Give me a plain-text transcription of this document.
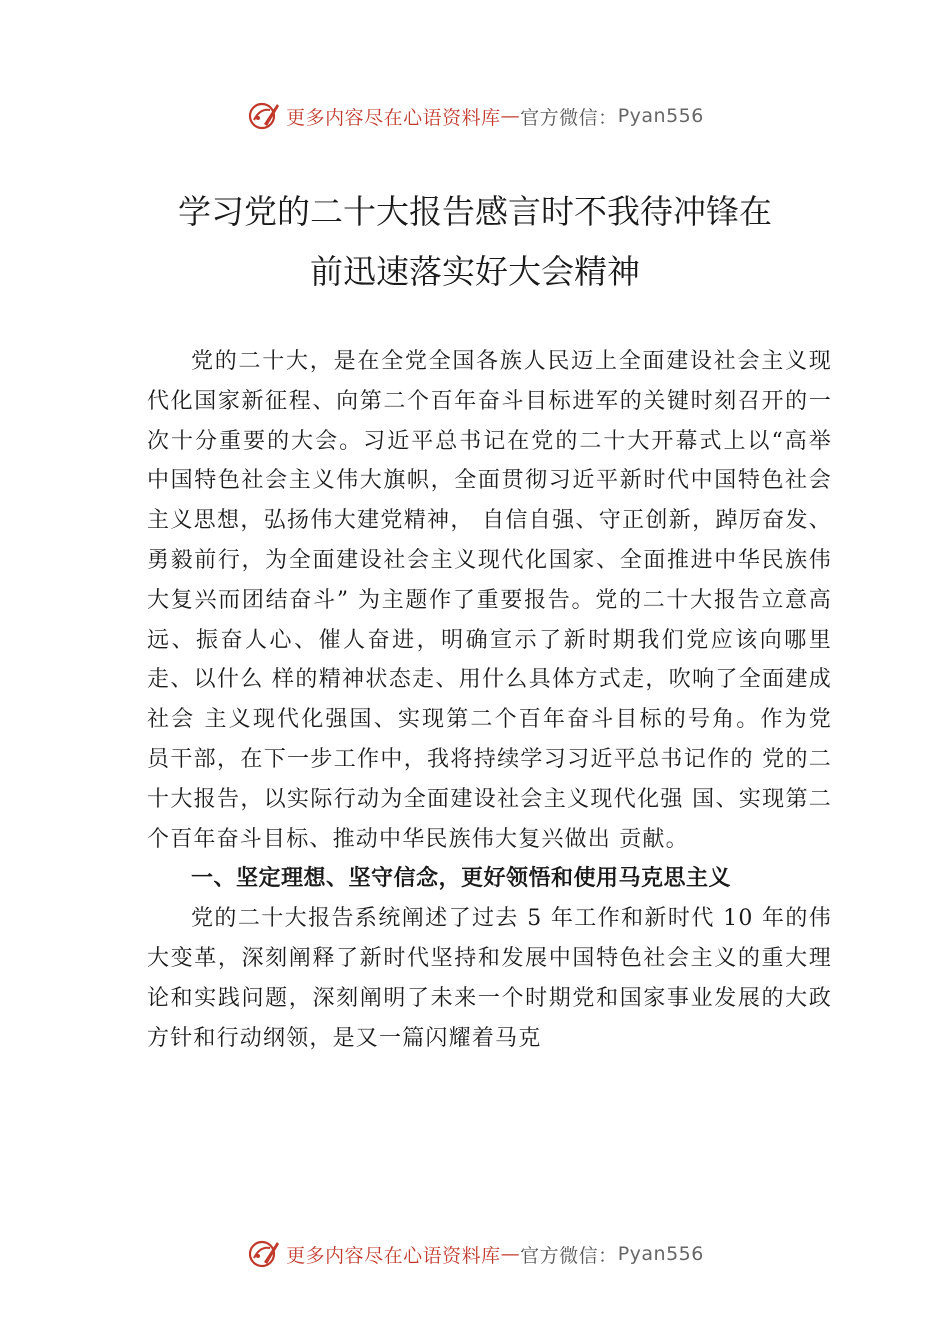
更多内容尽在心语资料库 — 官方微信： Pyan556
学习党的二十大报告感言时不我待冲锋在
前迅速落实好大会精神

党的二十大，是在全党全国各族人民迈上全面建设社会主义现代化国家新征程、向第二个百年奋斗目标进军的关键时刻召开的一次十分重要的大会。习近平总书记在党的二十大开幕式上以“高举中国特色社会主义伟大旗帜，全面贯彻习近平新时代中国特色社会主义思想，弘扬伟大建党精神， 自信自强、守正创新，踔厉奋发、勇毅前行，为全面建设社会主义现代化国家、全面推进中华民族伟大复兴而团结奋斗” 为主题作了重要报告。党的二十大报告立意高远、振奋人心、催人奋进，明确宣示了新时期我们党应该向哪里走、以什么 样的精神状态走、用什么具体方式走，吹响了全面建成社会 主义现代化强国、实现第二个百年奋斗目标的号角。作为党 员干部，在下一步工作中，我将持续学习习近平总书记作的 党的二十大报告，以实际行动为全面建设社会主义现代化强 国、实现第二个百年奋斗目标、推动中华民族伟大复兴做出 贡献。

一、坚定理想、坚守信念，更好领悟和使用马克思主义

党的二十大报告系统阐述了过去 5 年工作和新时代 10 年的伟大变革，深刻阐释了新时代坚持和发展中国特色社会主义的重大理论和实践问题，深刻阐明了未来一个时期党和国家事业发展的大政方针和行动纲领，是又一篇闪耀着马克

更多内容尽在心语资料库 — 官方微信： Pyan556
